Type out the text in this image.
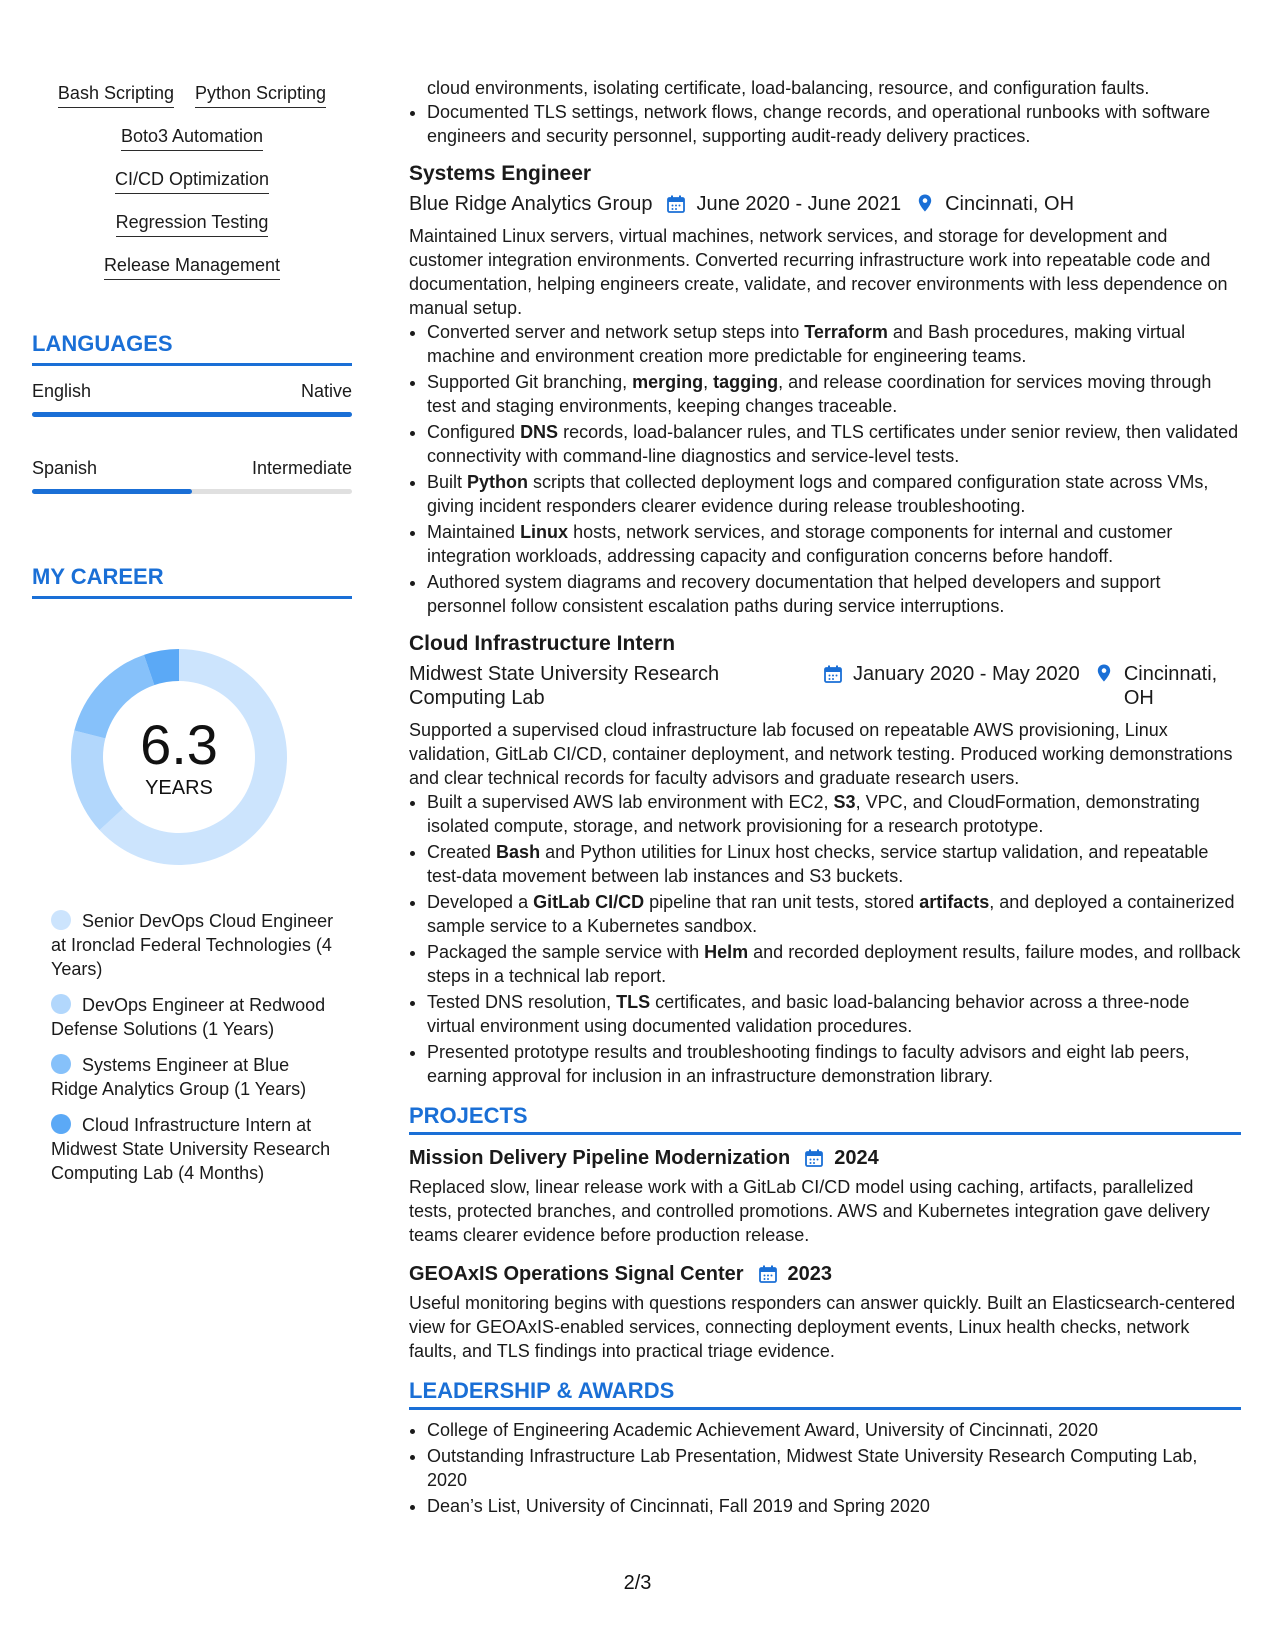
Bash Scripting Python Scripting
Boto3 Automation
CI/CD Optimization
Regression Testing
Release Management
LANGUAGES
English	Native
Spanish	Intermediate
MY CAREER
6.3
YEARS
Senior DevOps Cloud Engineer at Ironclad Federal Technologies (4 Years)
DevOps Engineer at Redwood Defense Solutions (1 Years)
Systems Engineer at Blue Ridge Analytics Group (1 Years)
Cloud Infrastructure Intern at Midwest State University Research Computing Lab (4 Months)
cloud environments, isolating certificate, load-balancing, resource, and configuration faults.
• Documented TLS settings, network flows, change records, and operational runbooks with software engineers and security personnel, supporting audit-ready delivery practices.
Systems Engineer
Blue Ridge Analytics Group June 2020 - June 2021 Cincinnati, OH
Maintained Linux servers, virtual machines, network services, and storage for development and customer integration environments. Converted recurring infrastructure work into repeatable code and documentation, helping engineers create, validate, and recover environments with less dependence on manual setup.
• Converted server and network setup steps into Terraform and Bash procedures, making virtual machine and environment creation more predictable for engineering teams.
• Supported Git branching, merging, tagging, and release coordination for services moving through test and staging environments, keeping changes traceable.
• Configured DNS records, load-balancer rules, and TLS certificates under senior review, then validated connectivity with command-line diagnostics and service-level tests.
• Built Python scripts that collected deployment logs and compared configuration state across VMs, giving incident responders clearer evidence during release troubleshooting.
• Maintained Linux hosts, network services, and storage components for internal and customer integration workloads, addressing capacity and configuration concerns before handoff.
• Authored system diagrams and recovery documentation that helped developers and support personnel follow consistent escalation paths during service interruptions.
Cloud Infrastructure Intern
Midwest State University Research Computing Lab
January 2020 - May 2020 Cincinnati, OH
Supported a supervised cloud infrastructure lab focused on repeatable AWS provisioning, Linux validation, GitLab CI/CD, container deployment, and network testing. Produced working demonstrations and clear technical records for faculty advisors and graduate research users.
• Built a supervised AWS lab environment with EC2, S3, VPC, and CloudFormation, demonstrating isolated compute, storage, and network provisioning for a research prototype.
• Created Bash and Python utilities for Linux host checks, service startup validation, and repeatable test-data movement between lab instances and S3 buckets.
• Developed a GitLab CI/CD pipeline that ran unit tests, stored artifacts, and deployed a containerized sample service to a Kubernetes sandbox.
• Packaged the sample service with Helm and recorded deployment results, failure modes, and rollback steps in a technical lab report.
• Tested DNS resolution, TLS certificates, and basic load-balancing behavior across a three-node virtual environment using documented validation procedures.
• Presented prototype results and troubleshooting findings to faculty advisors and eight lab peers, earning approval for inclusion in an infrastructure demonstration library.
PROJECTS
Mission Delivery Pipeline Modernization 2024
Replaced slow, linear release work with a GitLab CI/CD model using caching, artifacts, parallelized tests, protected branches, and controlled promotions. AWS and Kubernetes integration gave delivery teams clearer evidence before production release.
GEOAxIS Operations Signal Center 2023
Useful monitoring begins with questions responders can answer quickly. Built an Elasticsearch-centered view for GEOAxIS-enabled services, connecting deployment events, Linux health checks, network faults, and TLS findings into practical triage evidence.
LEADERSHIP & AWARDS
• College of Engineering Academic Achievement Award, University of Cincinnati, 2020
• Outstanding Infrastructure Lab Presentation, Midwest State University Research Computing Lab, 2020
• Dean’s List, University of Cincinnati, Fall 2019 and Spring 2020
2/3
